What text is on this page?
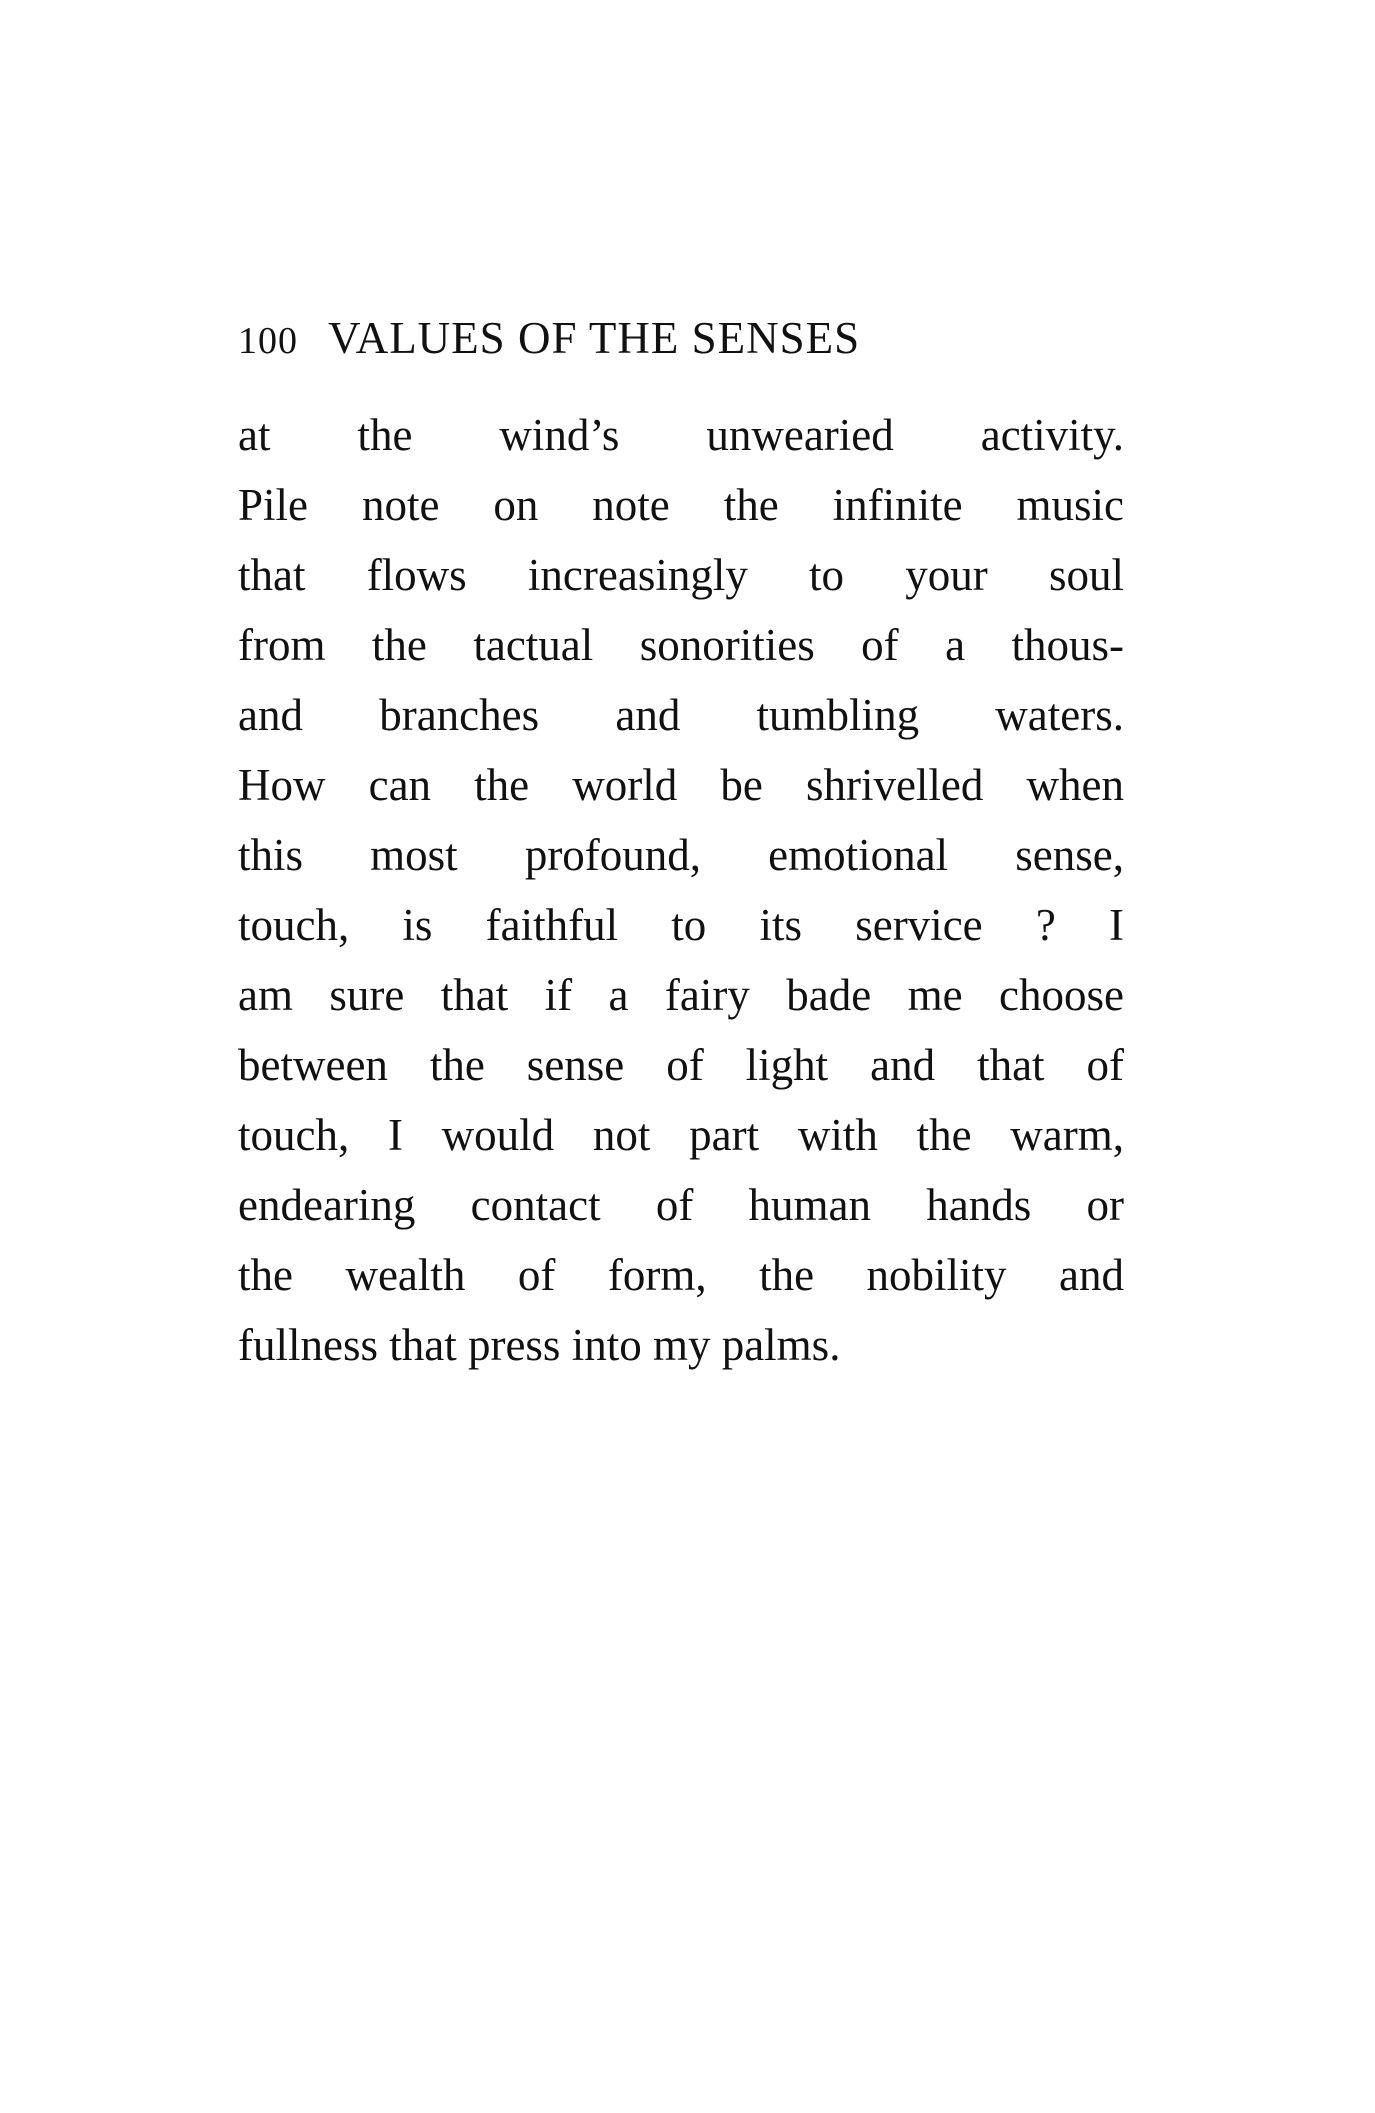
100 VALUES OF THE SENSES
at the wind’s unwearied activity.
Pile note on note the infinite music
that flows increasingly to your soul
from the tactual sonorities of a thous-
and branches and tumbling waters.
How can the world be shrivelled when
this most profound, emotional sense,
touch, is faithful to its service ? I
am sure that if a fairy bade me choose
between the sense of light and that of
touch, I would not part with the warm,
endearing contact of human hands or
the wealth of form, the nobility and
fullness that press into my palms.
